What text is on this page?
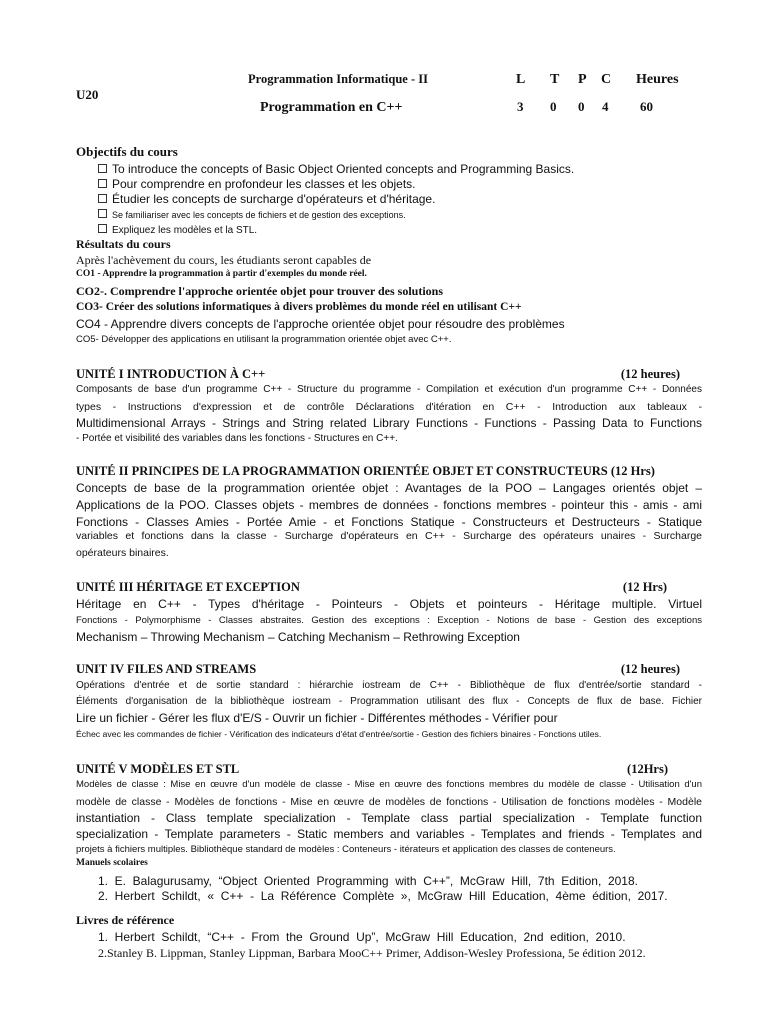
U20
Programmation Informatique - II
Programmation en C++
L T P C Heures
3 0 0 4 60
Objectifs du cours
To introduce the concepts of Basic Object Oriented concepts and Programming Basics.
Pour comprendre en profondeur les classes et les objets.
Étudier les concepts de surcharge d'opérateurs et d'héritage.
Se familiariser avec les concepts de fichiers et de gestion des exceptions.
Expliquez les modèles et la STL.
Résultats du cours
Après l'achèvement du cours, les étudiants seront capables de
CO1 - Apprendre la programmation à partir d'exemples du monde réel.
CO2-. Comprendre l'approche orientée objet pour trouver des solutions
CO3- Créer des solutions informatiques à divers problèmes du monde réel en utilisant C++
CO4 - Apprendre divers concepts de l'approche orientée objet pour résoudre des problèmes
CO5- Développer des applications en utilisant la programmation orientée objet avec C++.
UNITÉ I INTRODUCTION À C++	(12 heures)
Composants de base d'un programme C++ - Structure du programme - Compilation et exécution d'un programme C++ - Données
types - Instructions d'expression et de contrôle Déclarations d'itération en C++ - Introduction aux tableaux -
Multidimensional Arrays - Strings and String related Library Functions - Functions - Passing Data to Functions
- Portée et visibilité des variables dans les fonctions - Structures en C++.
UNITÉ II PRINCIPES DE LA PROGRAMMATION ORIENTÉE OBJET ET CONSTRUCTEURS (12 Hrs)
Concepts de base de la programmation orientée objet : Avantages de la POO – Langages orientés objet –
Applications de la POO. Classes objets - membres de données - fonctions membres - pointeur this - amis - ami
Fonctions - Classes Amies - Portée Amie - et Fonctions Statique - Constructeurs et Destructeurs - Statique
variables et fonctions dans la classe - Surcharge d'opérateurs en C++ - Surcharge des opérateurs unaires - Surcharge
opérateurs binaires.
UNITÉ III HÉRITAGE ET EXCEPTION	(12 Hrs)
Héritage en C++ - Types d'héritage - Pointeurs - Objets et pointeurs - Héritage multiple. Virtuel
Fonctions - Polymorphisme - Classes abstraites. Gestion des exceptions : Exception - Notions de base - Gestion des exceptions
Mechanism – Throwing Mechanism – Catching Mechanism – Rethrowing Exception
UNIT IV FILES AND STREAMS	(12 heures)
Opérations d'entrée et de sortie standard : hiérarchie iostream de C++ - Bibliothèque de flux d'entrée/sortie standard -
Éléments d'organisation de la bibliothèque iostream - Programmation utilisant des flux - Concepts de flux de base. Fichier
Lire un fichier - Gérer les flux d'E/S - Ouvrir un fichier - Différentes méthodes - Vérifier pour
Échec avec les commandes de fichier - Vérification des indicateurs d'état d'entrée/sortie - Gestion des fichiers binaires - Fonctions utiles.
UNITÉ V MODÈLES ET STL	(12Hrs)
Modèles de classe : Mise en œuvre d'un modèle de classe - Mise en œuvre des fonctions membres du modèle de classe - Utilisation d'un
modèle de classe - Modèles de fonctions - Mise en œuvre de modèles de fonctions - Utilisation de fonctions modèles - Modèle
instantiation - Class template specialization - Template class partial specialization - Template function
specialization - Template parameters - Static members and variables - Templates and friends - Templates and
projets à fichiers multiples. Bibliothèque standard de modèles : Conteneurs - itérateurs et application des classes de conteneurs.
Manuels scolaires
1.  E.  Balagurusamy,  “Object  Oriented  Programming  with  C++”,  McGraw  Hill,  7th  Edition,  2018.
2.  Herbert  Schildt,  «  C++  -  La  Référence  Complète  »,  McGraw  Hill  Education,  4ème  édition,  2017.
Livres de référence
1.  Herbert  Schildt,  “C++  -  From  the  Ground  Up”,  McGraw  Hill  Education,  2nd  edition,  2010.
2.Stanley B. Lippman, Stanley Lippman, Barbara MooC++ Primer, Addison-Wesley Professiona, 5e édition 2012.
